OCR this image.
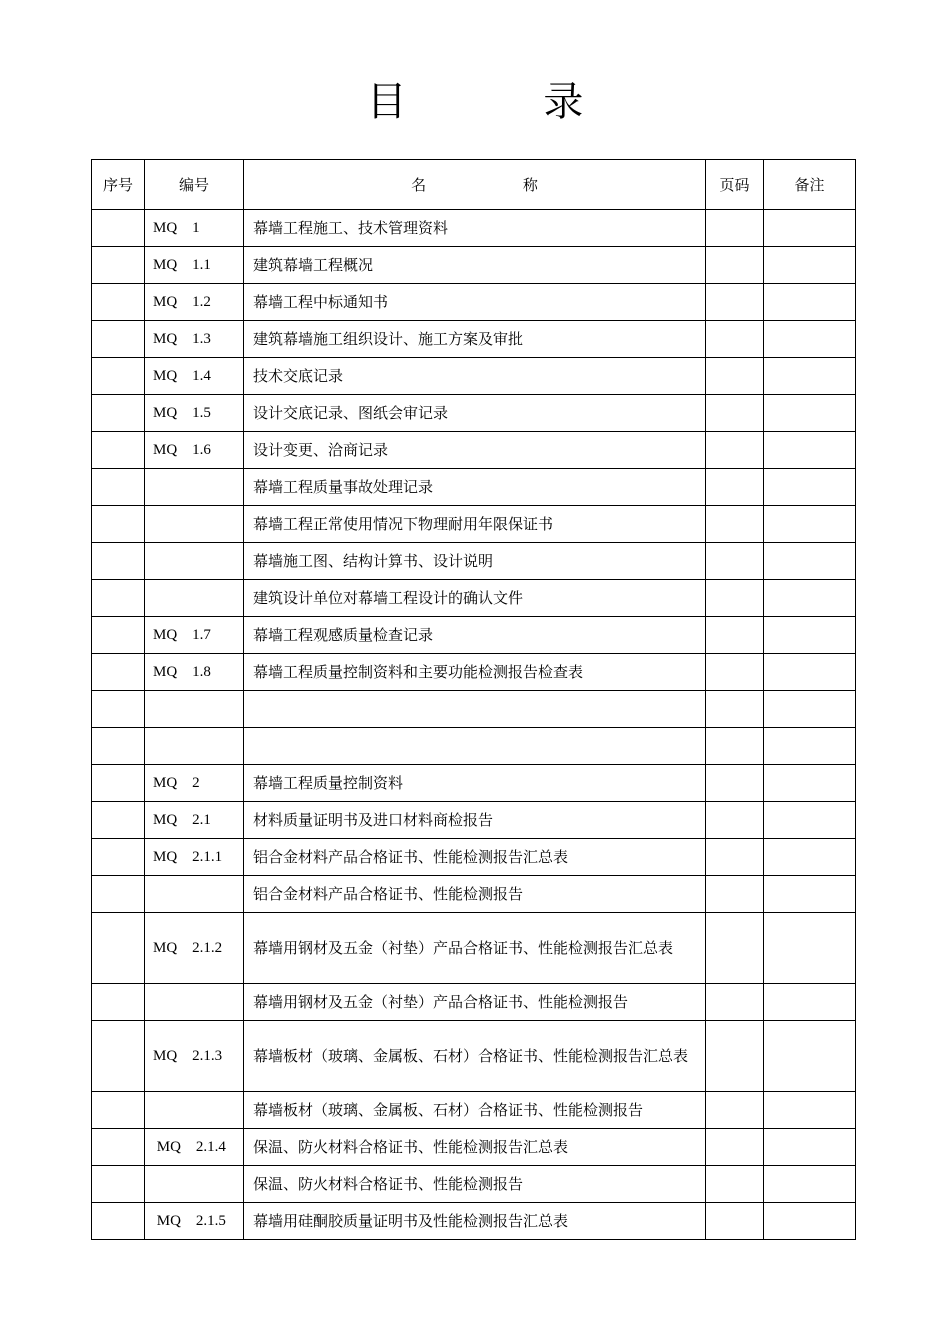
目 录
序号	编号	名 称	页码	备注
	MQ    1	幕墙工程施工、技术管理资料		
	MQ    1.1	建筑幕墙工程概况		
	MQ    1.2	幕墙工程中标通知书		
	MQ    1.3	建筑幕墙施工组织设计、施工方案及审批		
	MQ    1.4	技术交底记录		
	MQ    1.5	设计交底记录、图纸会审记录		
	MQ    1.6	设计变更、洽商记录		
		幕墙工程质量事故处理记录		
		幕墙工程正常使用情况下物理耐用年限保证书		
		幕墙施工图、结构计算书、设计说明		
		建筑设计单位对幕墙工程设计的确认文件		
	MQ    1.7	幕墙工程观感质量检查记录		
	MQ    1.8	幕墙工程质量控制资料和主要功能检测报告检查表		

	MQ    2	幕墙工程质量控制资料		
	MQ    2.1	材料质量证明书及进口材料商检报告		
	MQ    2.1.1	铝合金材料产品合格证书、性能检测报告汇总表		
		铝合金材料产品合格证书、性能检测报告		
	MQ    2.1.2	幕墙用钢材及五金（衬垫）产品合格证书、性能检测报告汇总表		
		幕墙用钢材及五金（衬垫）产品合格证书、性能检测报告		
	MQ    2.1.3	幕墙板材（玻璃、金属板、石材）合格证书、性能检测报告汇总表		
		幕墙板材（玻璃、金属板、石材）合格证书、性能检测报告		
	MQ    2.1.4	保温、防火材料合格证书、性能检测报告汇总表		
		保温、防火材料合格证书、性能检测报告		
	MQ    2.1.5	幕墙用硅酮胶质量证明书及性能检测报告汇总表		
